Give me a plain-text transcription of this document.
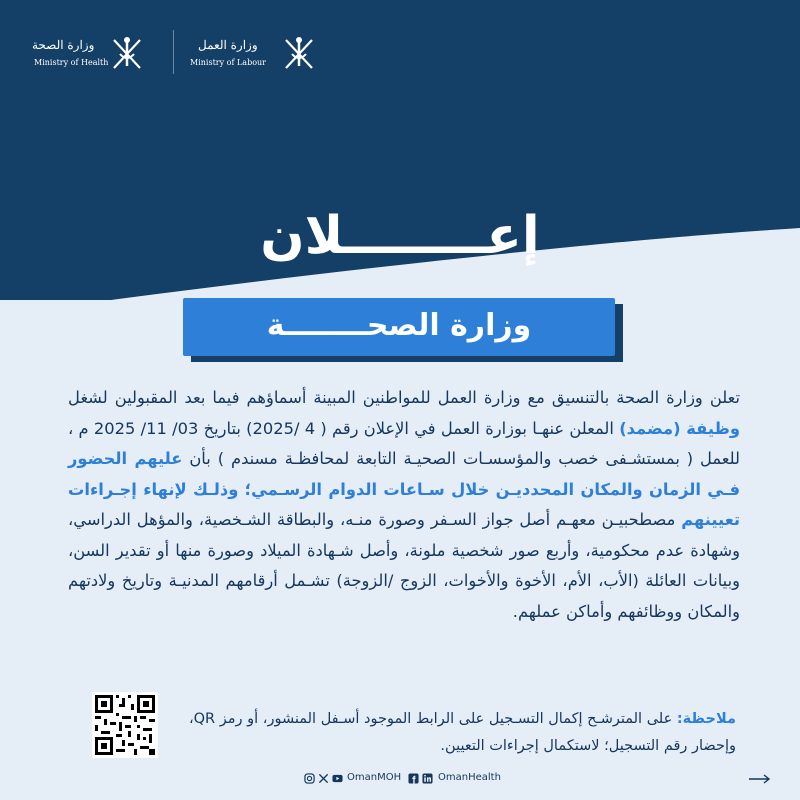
وزارة الصحة
Ministry of Health
وزارة العمل
Ministry of Labour
إعــــــــلان
وزارة الصحــــــــة
تعلن وزارة الصحة بالتنسيق مع وزارة العمل للمواطنين المبينة أسماؤهم فيما بعد المقبولين لشغل وظيفة (مضمد) المعلن عنهـا بوزارة العمل في الإعلان رقم ( 4 /2025) بتاريخ 03/ 11/ 2025 م ، للعمل ( بمستشـفى خصب والمؤسسـات الصحيـة التابعة لمحافظـة مسندم ) بأن عليهم الحضور فـي الزمان والمكان المحدديـن خلال سـاعات الدوام الرسـمي؛ وذلـك لإنهاء إجـراءات تعيينهم مصطحبيـن معهـم أصل جواز السـفر وصورة منـه، والبطاقة الشـخصية، والمؤهل الدراسي، وشهادة عدم محكومية، وأربع صور شخصية ملونة، وأصل شـهادة الميلاد وصورة منها أو تقدير السن، وبيانات العائلة (الأب، الأم، الأخوة والأخوات، الزوج /الزوجة) تشـمل أرقامهم المدنيـة وتاريخ ولادتهم والمكان ووظائفهم وأماكن عملهم.
ملاحظة: على المترشـح إكمال التسـجيل على الرابط الموجود أسـفل المنشور، أو رمز QR، وإحضار رقم التسجيل؛ لاستكمال إجراءات التعيين.
OmanMOH	OmanHealth
